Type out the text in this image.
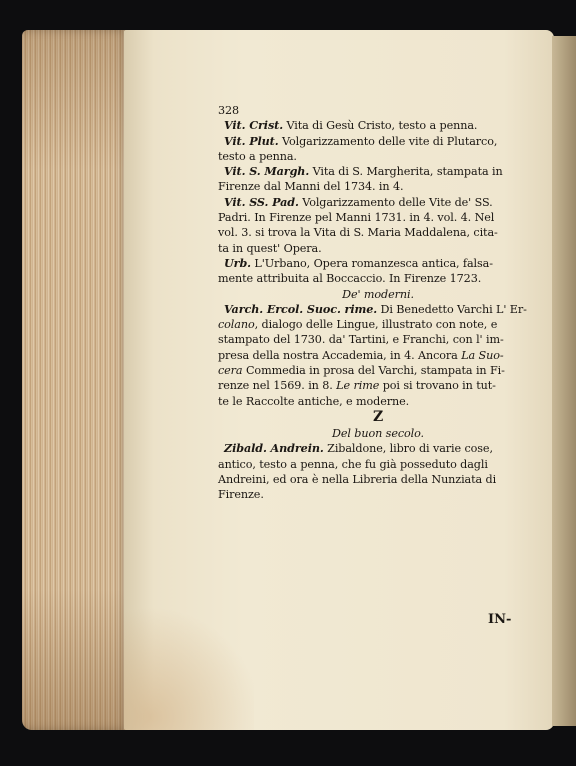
328
Vit. Crist. Vita di Gesù Cristo, testo a penna.
Vit. Plut. Volgarizzamento delle vite di Plutarco,
testo a penna.
Vit. S. Margh. Vita di S. Margherita, stampata in
Firenze dal Manni del 1734. in 4.
Vit. SS. Pad. Volgarizzamento delle Vite de' SS.
Padri. In Firenze pel Manni 1731. in 4. vol. 4. Nel
vol. 3. si trova la Vita di S. Maria Maddalena, cita-
ta in quest' Opera.
Urb. L'Urbano, Opera romanzesca antica, falsa-
mente attribuita al Boccaccio. In Firenze 1723.
De' moderni.
Varch. Ercol. Suoc. rime. Di Benedetto Varchi L' Er-
colano, dialogo delle Lingue, illustrato con note, e
stampato del 1730. da' Tartini, e Franchi, con l' im-
presa della nostra Accademia, in 4. Ancora La Suo-
cera Commedia in prosa del Varchi, stampata in Fi-
renze nel 1569. in 8. Le rime poi si trovano in tut-
te le Raccolte antiche, e moderne.
Z
Del buon secolo.
Zibald. Andrein. Zibaldone, libro di varie cose,
antico, testo a penna, che fu già posseduto dagli
Andreini, ed ora è nella Libreria della Nunziata di
Firenze.
IN-
